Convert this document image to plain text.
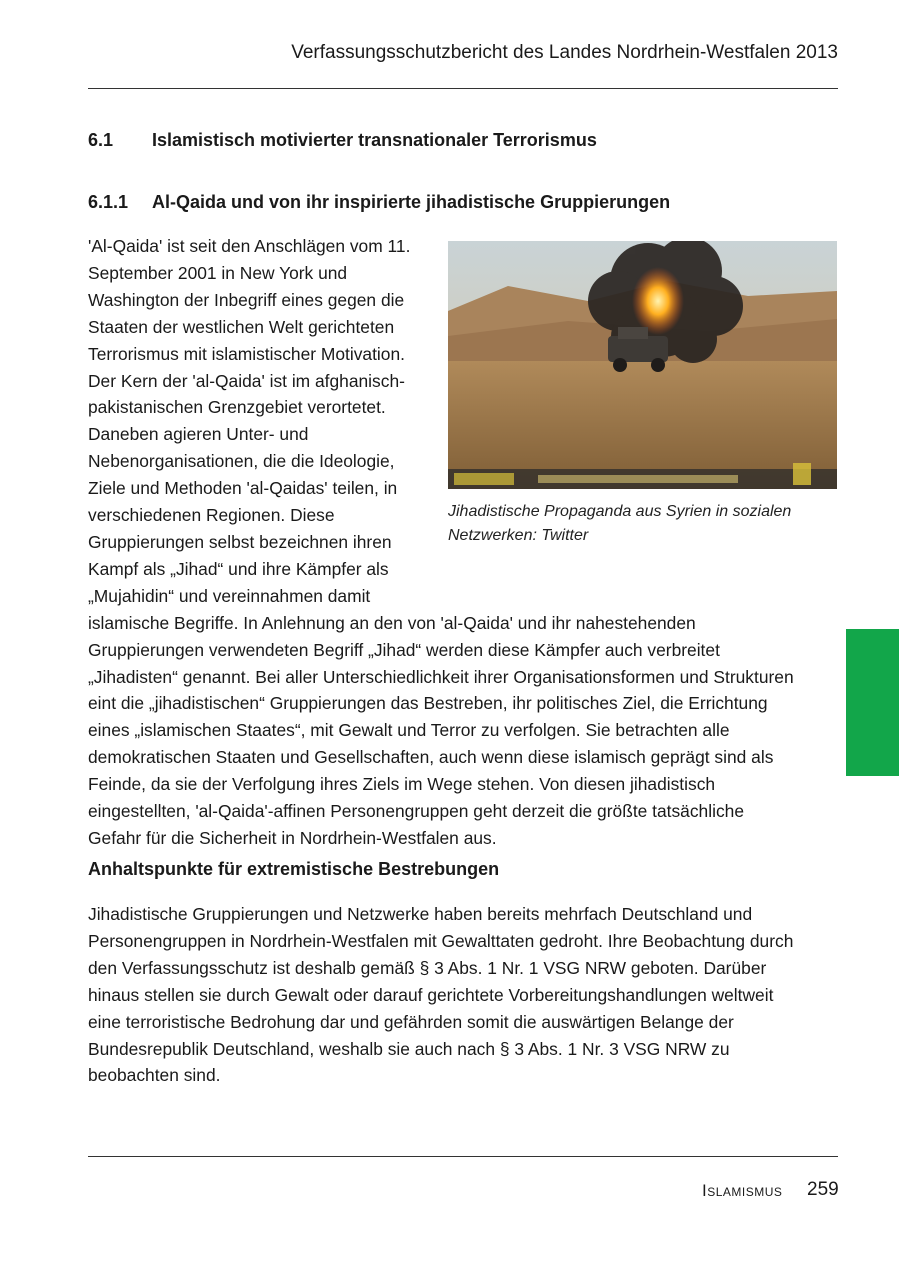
Verfassungsschutzbericht des Landes Nordrhein-Westfalen 2013
6.1 Islamistisch motivierter transnationaler Terrorismus
6.1.1 Al-Qaida und von ihr inspirierte jihadistische Gruppierungen
Jihadistische Propaganda aus Syrien in sozialen Netzwerken: Twitter
'Al-Qaida' ist seit den Anschlägen vom 11. September 2001 in New York und Washington der Inbegriff eines gegen die Staaten der westlichen Welt gerichteten Terrorismus mit islamistischer Motivation. Der Kern der 'al-Qaida' ist im afghanisch-pakistanischen Grenzgebiet verortetet. Daneben agieren Unter- und Nebenorganisationen, die die Ideologie, Ziele und Methoden 'al-Qaidas' teilen, in verschiedenen Regionen. Diese Gruppierungen selbst bezeichnen ihren Kampf als „Jihad“ und ihre Kämpfer als „Mujahidin“ und vereinnahmen damit islamische Begriffe. In Anlehnung an den von 'al-Qaida' und ihr nahestehenden Gruppierungen verwendeten Begriff „Jihad“ werden diese Kämpfer auch verbreitet „Jihadisten“ genannt. Bei aller Unterschiedlichkeit ihrer Organisationsformen und Strukturen eint die „jihadistischen“ Gruppierungen das Bestreben, ihr politisches Ziel, die Errichtung eines „islamischen Staates“, mit Gewalt und Terror zu verfolgen. Sie betrachten alle demokratischen Staaten und Gesellschaften, auch wenn diese islamisch geprägt sind als Feinde, da sie der Verfolgung ihres Ziels im Wege stehen. Von diesen jihadistisch eingestellten, 'al-Qaida'-affinen Personengruppen geht derzeit die größte tatsächliche Gefahr für die Sicherheit in Nordrhein-Westfalen aus.
Anhaltspunkte für extremistische Bestrebungen
Jihadistische Gruppierungen und Netzwerke haben bereits mehrfach Deutschland und Personengruppen in Nordrhein-Westfalen mit Gewalttaten gedroht. Ihre Beobachtung durch den Verfassungsschutz ist deshalb gemäß § 3 Abs. 1 Nr. 1 VSG NRW geboten. Darüber hinaus stellen sie durch Gewalt oder darauf gerichtete Vorbereitungshandlungen weltweit eine terroristische Bedrohung dar und gefährden somit die auswärtigen Belange der Bundesrepublik Deutschland, weshalb sie auch nach § 3 Abs. 1 Nr. 3 VSG NRW zu beobachten sind.
Islamismus 259
